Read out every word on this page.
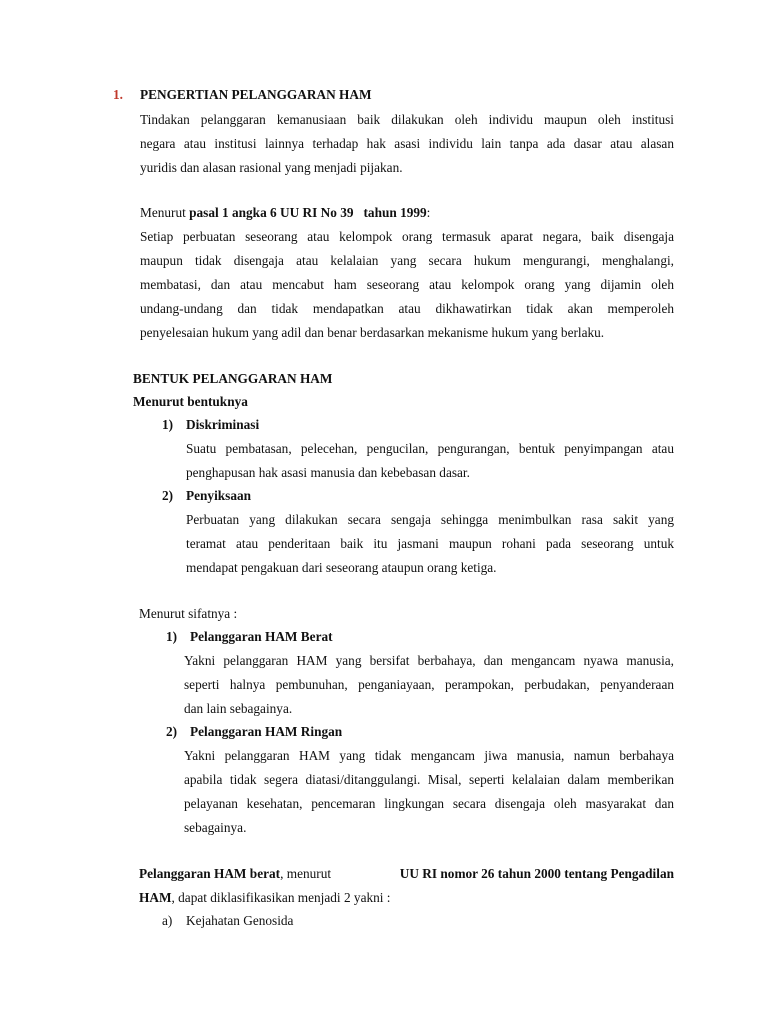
1. PENGERTIAN PELANGGARAN HAM
Tindakan pelanggaran kemanusiaan baik dilakukan oleh individu maupun oleh institusi
negara atau institusi lainnya terhadap hak asasi individu lain tanpa ada dasar atau alasan
yuridis dan alasan rasional yang menjadi pijakan.
Menurut pasal 1 angka 6 UU RI No 39   tahun 1999:
Setiap perbuatan seseorang atau kelompok orang termasuk aparat negara, baik disengaja
maupun tidak disengaja atau kelalaian yang secara hukum mengurangi, menghalangi,
membatasi, dan atau mencabut ham seseorang atau kelompok orang yang dijamin oleh
undang-undang dan tidak mendapatkan atau dikhawatirkan tidak akan memperoleh
penyelesaian hukum yang adil dan benar berdasarkan mekanisme hukum yang berlaku.
BENTUK PELANGGARAN HAM
Menurut bentuknya
1) Diskriminasi
Suatu pembatasan, pelecehan, pengucilan, pengurangan, bentuk penyimpangan atau
penghapusan hak asasi manusia dan kebebasan dasar.
2) Penyiksaan
Perbuatan yang dilakukan secara sengaja sehingga menimbulkan rasa sakit yang
teramat atau penderitaan baik itu jasmani maupun rohani pada seseorang untuk
mendapat pengakuan dari seseorang ataupun orang ketiga.
Menurut sifatnya :
1) Pelanggaran HAM Berat
Yakni pelanggaran HAM yang bersifat berbahaya, dan mengancam nyawa manusia,
seperti halnya pembunuhan, penganiayaan, perampokan, perbudakan, penyanderaan
dan lain sebagainya.
2) Pelanggaran HAM Ringan
Yakni pelanggaran HAM yang tidak mengancam jiwa manusia, namun berbahaya
apabila tidak segera diatasi/ditanggulangi. Misal, seperti kelalaian dalam memberikan
pelayanan kesehatan, pencemaran lingkungan secara disengaja oleh masyarakat dan
sebagainya.
Pelanggaran HAM berat, menurut	UU RI nomor 26 tahun 2000 tentang Pengadilan
HAM, dapat diklasifikasikan menjadi 2 yakni :
a) Kejahatan Genosida
